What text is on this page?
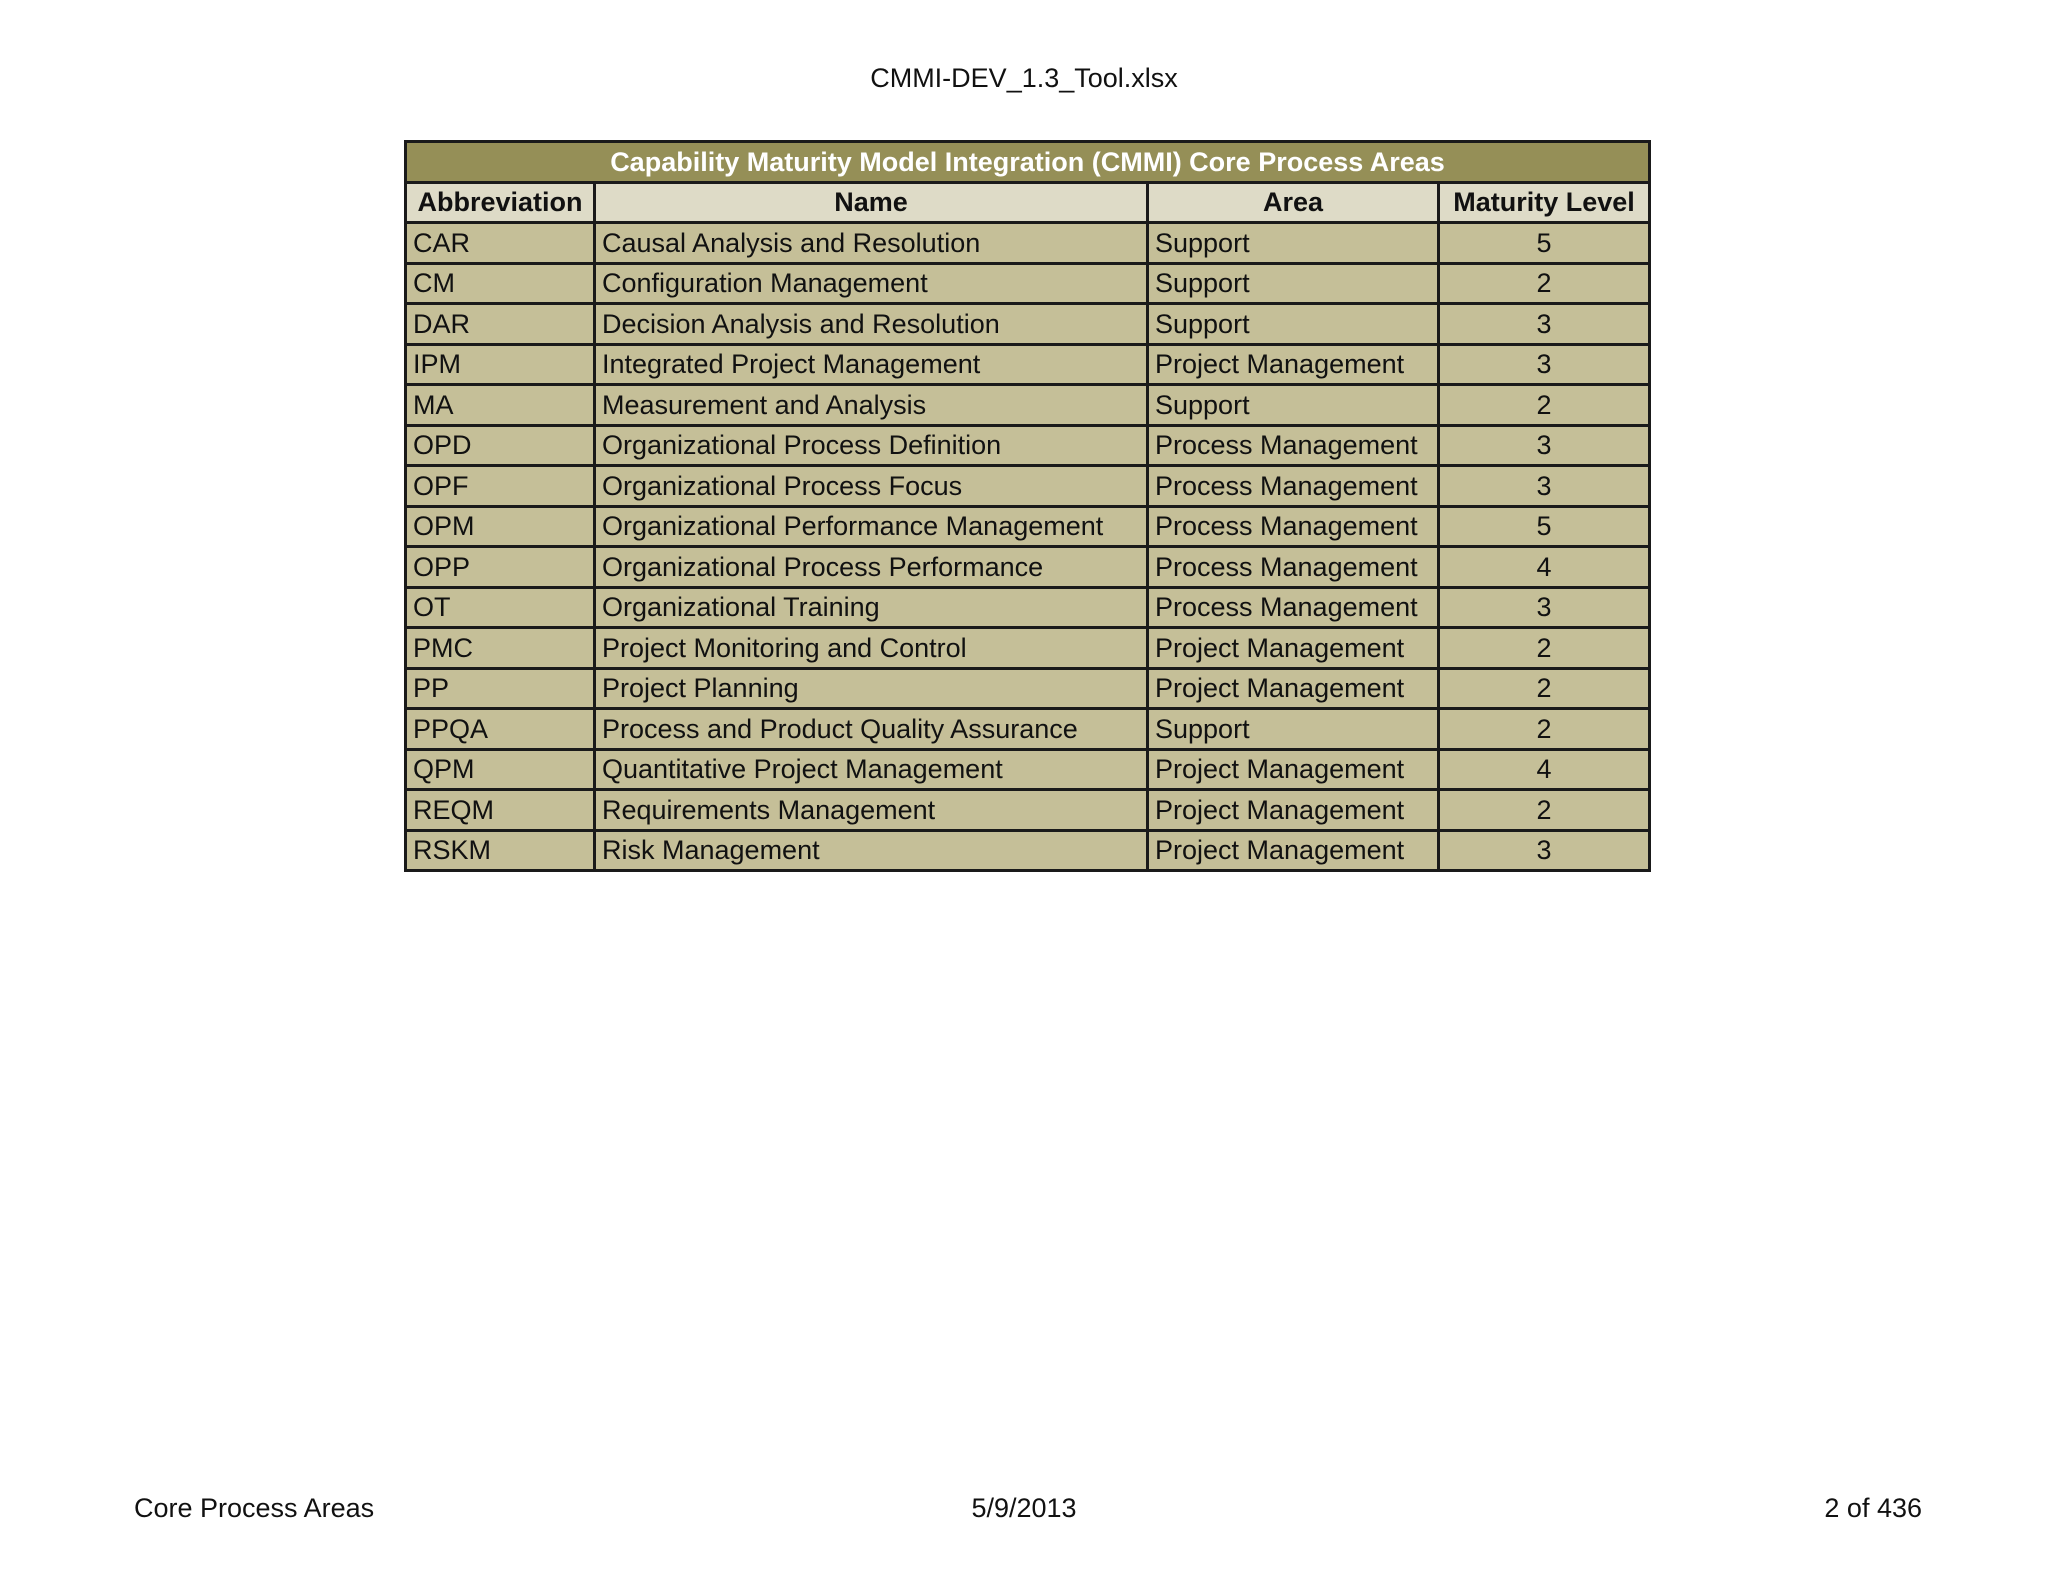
CMMI-DEV_1.3_Tool.xlsx
Capability Maturity Model Integration (CMMI) Core Process Areas			
Abbreviation	Name	Area	Maturity Level
CAR	Causal Analysis and Resolution	Support	5
CM	Configuration Management	Support	2
DAR	Decision Analysis and Resolution	Support	3
IPM	Integrated Project Management	Project Management	3
MA	Measurement and Analysis	Support	2
OPD	Organizational Process Definition	Process Management	3
OPF	Organizational Process Focus	Process Management	3
OPM	Organizational Performance Management	Process Management	5
OPP	Organizational Process Performance	Process Management	4
OT	Organizational Training	Process Management	3
PMC	Project Monitoring and Control	Project Management	2
PP	Project Planning	Project Management	2
PPQA	Process and Product Quality Assurance	Support	2
QPM	Quantitative Project Management	Project Management	4
REQM	Requirements Management	Project Management	2
RSKM	Risk Management	Project Management	3
Core Process Areas	5/9/2013	2 of 436
